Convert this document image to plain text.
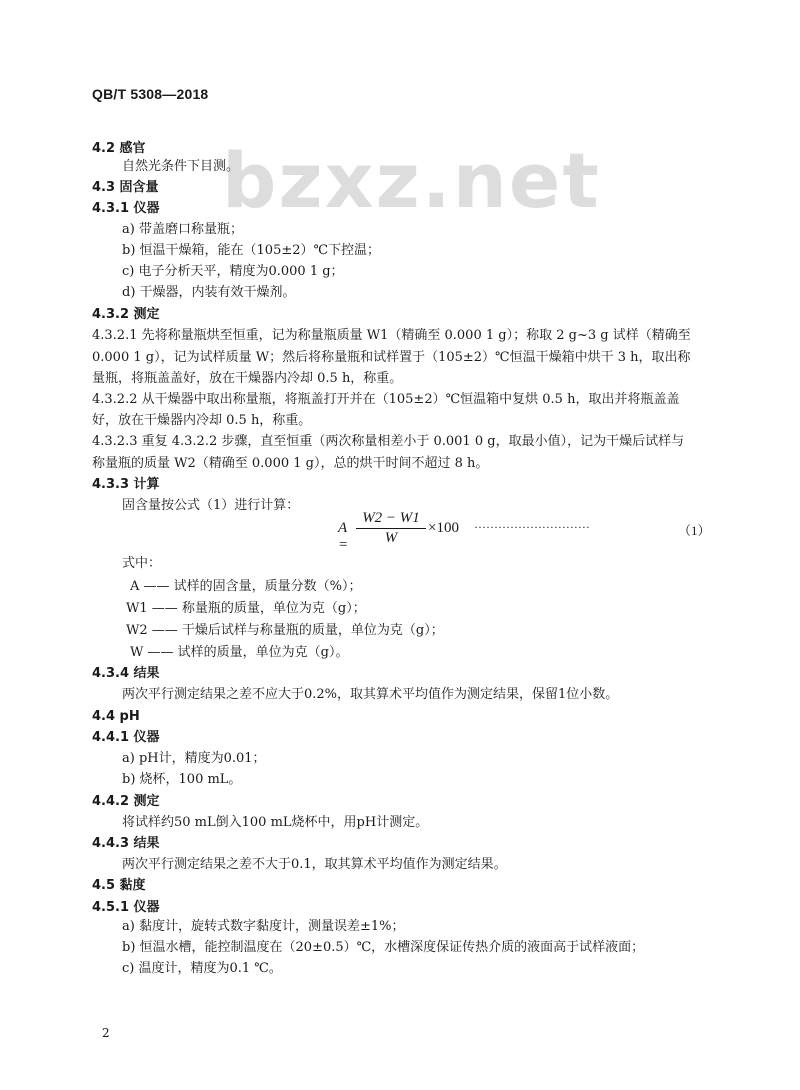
QB/T 5308—2018
bzxz.net
4.2 感官
自然光条件下目测。
4.3 固含量
4.3.1 仪器
a) 带盖磨口称量瓶；
b) 恒温干燥箱，能在（105±2）℃下控温；
c) 电子分析天平，精度为0.000 1 g；
d) 干燥器，内装有效干燥剂。
4.3.2 测定
4.3.2.1 先将称量瓶烘至恒重，记为称量瓶质量 W1（精确至 0.000 1 g）；称取 2 g~3 g 试样（精确至
0.000 1 g），记为试样质量 W；然后将称量瓶和试样置于（105±2）℃恒温干燥箱中烘干 3 h，取出称
量瓶，将瓶盖盖好，放在干燥器内冷却 0.5 h，称重。
4.3.2.2 从干燥器中取出称量瓶，将瓶盖打开并在（105±2）℃恒温箱中复烘 0.5 h，取出并将瓶盖盖
好，放在干燥器内冷却 0.5 h，称重。
4.3.2.3 重复 4.3.2.2 步骤，直至恒重（两次称量相差小于 0.001 0 g，取最小值），记为干燥后试样与
称量瓶的质量 W2（精确至 0.000 1 g），总的烘干时间不超过 8 h。
4.3.3 计算
固含量按公式（1）进行计算：
式中：
A —— 试样的固含量，质量分数（%）；
W1 —— 称量瓶的质量，单位为克（g）；
W2 —— 干燥后试样与称量瓶的质量，单位为克（g）；
W —— 试样的质量，单位为克（g）。
4.3.4 结果
两次平行测定结果之差不应大于0.2%，取其算术平均值作为测定结果，保留1位小数。
4.4 pH
4.4.1 仪器
a) pH计，精度为0.01；
b) 烧杯，100 mL。
4.4.2 测定
将试样约50 mL倒入100 mL烧杯中，用pH计测定。
4.4.3 结果
两次平行测定结果之差不大于0.1，取其算术平均值作为测定结果。
4.5 黏度
4.5.1 仪器
a) 黏度计，旋转式数字黏度计，测量误差±1%；
b) 恒温水槽，能控制温度在（20±0.5）℃，水槽深度保证传热介质的液面高于试样液面；
c) 温度计，精度为0.1 ℃。
$A = \frac{W2 - W1}{W} \times 100$ ·····························	（1）
2
